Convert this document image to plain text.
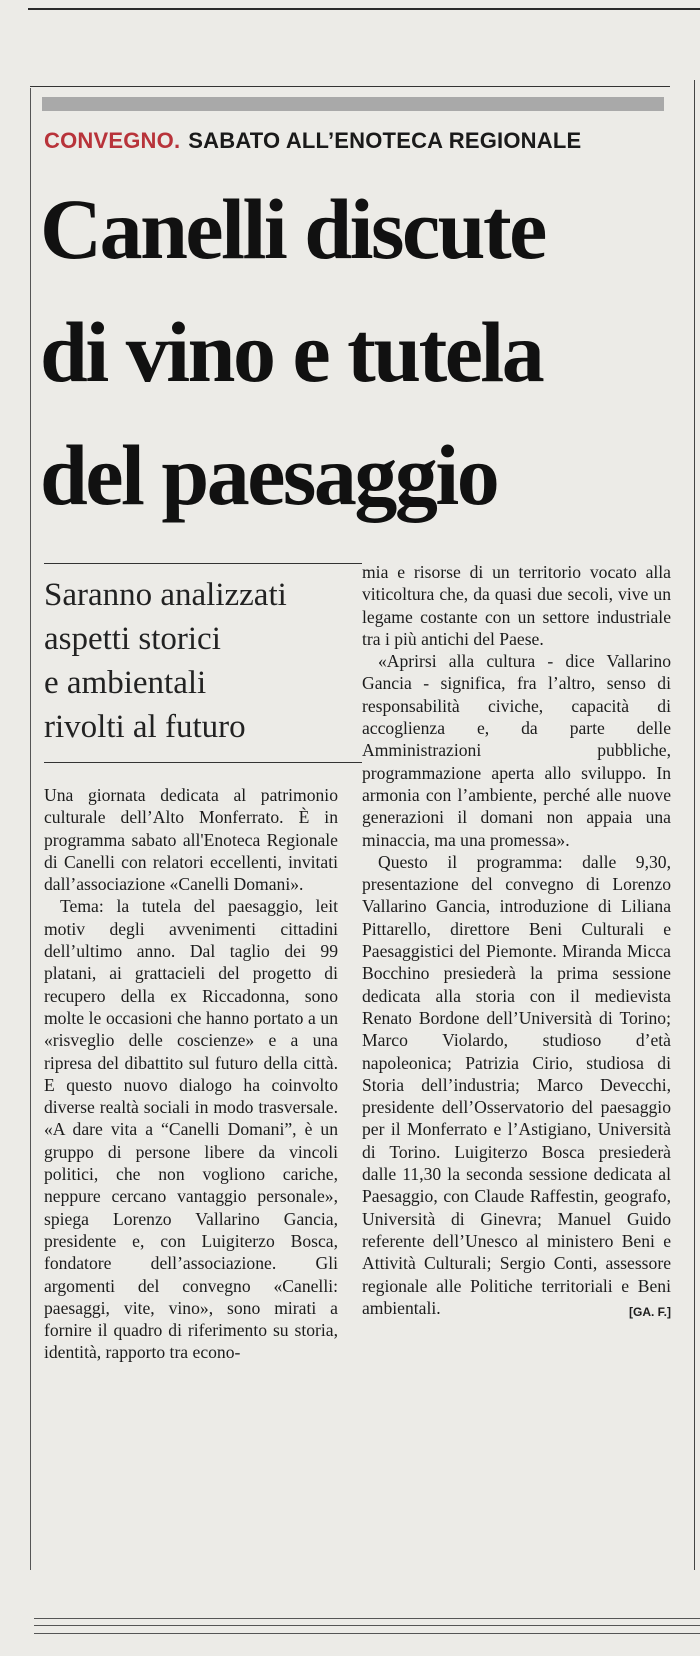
CONVEGNO. SABATO ALL’ENOTECA REGIONALE
Canelli discute
di vino e tutela
del paesaggio
Saranno analizzati
aspetti storici
e ambientali
rivolti al futuro

Una giornata dedicata al patrimonio culturale dell’Alto Monferrato. È in programma sabato all'Enoteca Regionale di Canelli con relatori eccellenti, invitati dall’associazione «Canelli Domani».

Tema: la tutela del paesaggio, leit motiv degli avvenimenti cittadini dell’ultimo anno. Dal taglio dei 99 platani, ai grattacieli del progetto di recupero della ex Riccadonna, sono molte le occasioni che hanno portato a un «risveglio delle coscienze» e a una ripresa del dibattito sul futuro della città. E questo nuovo dialogo ha coinvolto diverse realtà sociali in modo trasversale. «A dare vita a “Canelli Domani”, è un gruppo di persone libere da vincoli politici, che non vogliono cariche, neppure cercano vantaggio personale», spiega Lorenzo Vallarino Gancia, presidente e, con Luigiterzo Bosca, fondatore dell’associazione. Gli argomenti del convegno «Canelli: paesaggi, vite, vino», sono mirati a fornire il quadro di riferimento su storia, identità, rapporto tra econo-

mia e risorse di un territorio vocato alla viticoltura che, da quasi due secoli, vive un legame costante con un settore industriale tra i più antichi del Paese.

«Aprirsi alla cultura - dice Vallarino Gancia - significa, fra l’altro, senso di responsabilità civiche, capacità di accoglienza e, da parte delle Amministrazioni pubbliche, programmazione aperta allo sviluppo. In armonia con l’ambiente, perché alle nuove generazioni il domani non appaia una minaccia, ma una promessa».

Questo il programma: dalle 9,30, presentazione del convegno di Lorenzo Vallarino Gancia, introduzione di Liliana Pittarello, direttore Beni Culturali e Paesaggistici del Piemonte. Miranda Micca Bocchino presiederà la prima sessione dedicata alla storia con il medievista Renato Bordone dell’Università di Torino; Marco Violardo, studioso d’età napoleonica; Patrizia Cirio, studiosa di Storia dell’industria; Marco Devecchi, presidente dell’Osservatorio del paesaggio per il Monferrato e l’Astigiano, Università di Torino. Luigiterzo Bosca presiederà dalle 11,30 la seconda sessione dedicata al Paesaggio, con Claude Raffestin, geografo, Università di Ginevra; Manuel Guido referente dell’Unesco al ministero Beni e Attività Culturali; Sergio Conti, assessore regionale alle Politiche territoriali e Beni ambientali.	[GA. F.]
